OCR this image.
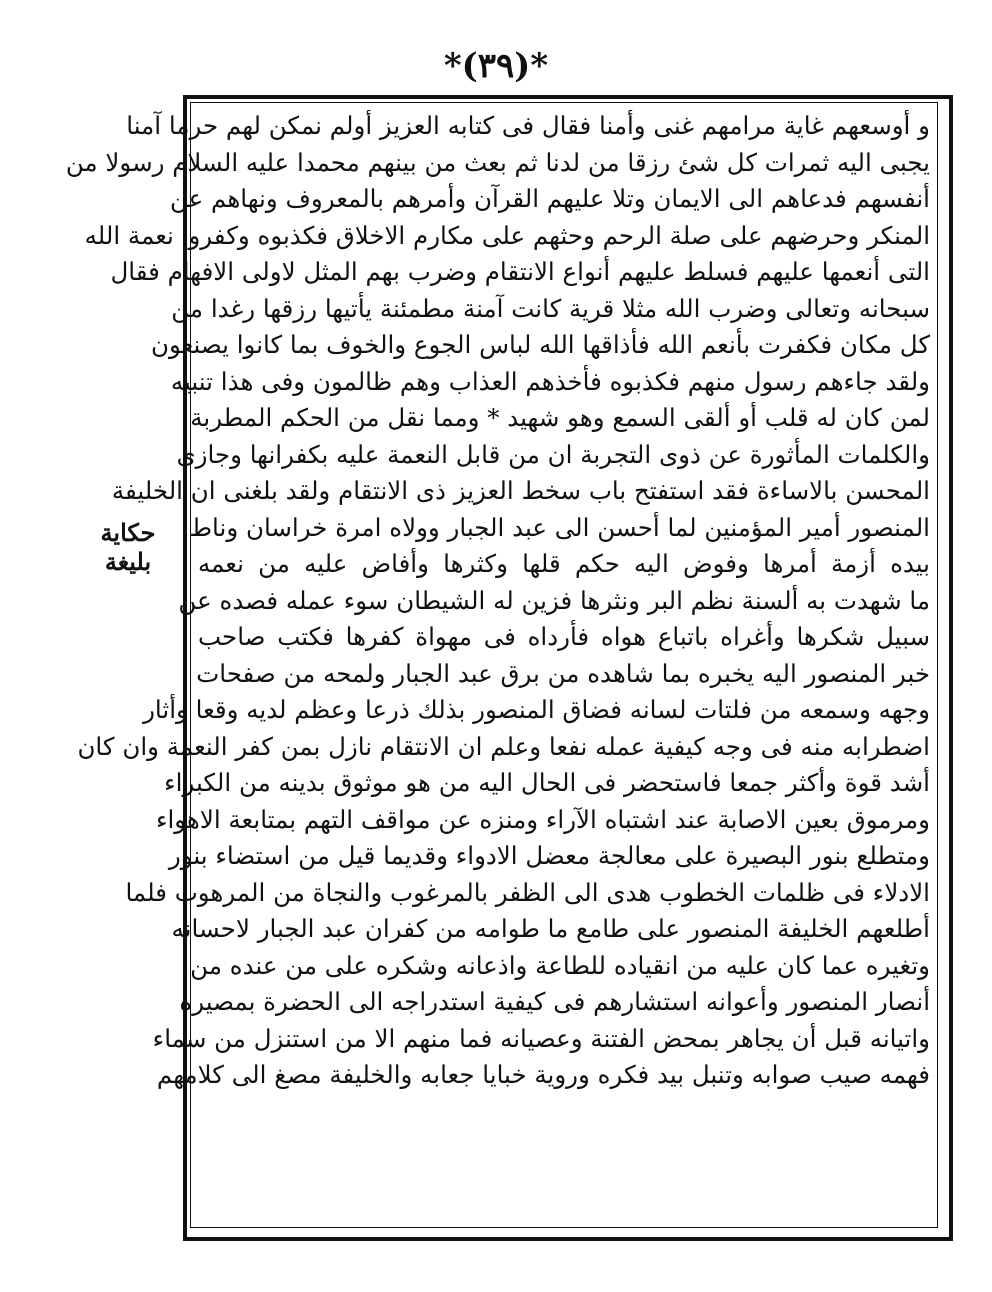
*(٣٩)*
حكاية بليغة
و أوسعهم غاية مرامهم غنى وأمنا فقال فى كتابه العزيز أولم نمكن لهم حرما آمنا
يجبى اليه ثمرات كل شئ رزقا من لدنا ثم بعث من بينهم محمدا عليه السلام رسولا من
أنفسهم فدعاهم الى الايمان وتلا عليهم القرآن وأمرهم بالمعروف ونهاهم عن
المنكر وحرضهم على صلة الرحم وحثهم على مكارم الاخلاق فكذبوه وكفروا نعمة الله
التى أنعمها عليهم فسلط عليهم أنواع الانتقام وضرب بهم المثل لاولى الافهام فقال
سبحانه وتعالى وضرب الله مثلا قرية كانت آمنة مطمئنة يأتيها رزقها رغدا من
كل مكان فكفرت بأنعم الله فأذاقها الله لباس الجوع والخوف بما كانوا يصنعون
ولقد جاءهم رسول منهم فكذبوه فأخذهم العذاب وهم ظالمون وفى هذا تنبيه
لمن كان له قلب أو ألقى السمع وهو شهيد * ومما نقل من الحكم المطربة
والكلمات المأثورة عن ذوى التجربة ان من قابل النعمة عليه بكفرانها وجازى
المحسن بالاساءة فقد استفتح باب سخط العزيز ذى الانتقام ولقد بلغنى ان الخليفة
المنصور أمير المؤمنين لما أحسن الى عبد الجبار وولاه امرة خراسان وناط
بيده أزمة أمرها وفوض اليه حكم قلها وكثرها وأفاض عليه من نعمه
ما شهدت به ألسنة نظم البر ونثرها فزين له الشيطان سوء عمله فصده عن
سبيل شكرها وأغراه باتباع هواه فأرداه فى مهواة كفرها فكتب صاحب
خبر المنصور اليه يخبره بما شاهده من برق عبد الجبار ولمحه من صفحات
وجهه وسمعه من فلتات لسانه فضاق المنصور بذلك ذرعا وعظم لديه وقعا وأثار
اضطرابه منه فى وجه كيفية عمله نفعا وعلم ان الانتقام نازل بمن كفر النعمة وان كان
أشد قوة وأكثر جمعا فاستحضر فى الحال اليه من هو موثوق بدينه من الكبراء
ومرموق بعين الاصابة عند اشتباه الآراء ومنزه عن مواقف التهم بمتابعة الاهواء
ومتطلع بنور البصيرة على معالجة معضل الادواء وقديما قيل من استضاء بنور
الادلاء فى ظلمات الخطوب هدى الى الظفر بالمرغوب والنجاة من المرهوب فلما
أطلعهم الخليفة المنصور على طامع ما طوامه من كفران عبد الجبار لاحسانه
وتغيره عما كان عليه من انقياده للطاعة واذعانه وشكره على من عنده من
أنصار المنصور وأعوانه استشارهم فى كيفية استدراجه الى الحضرة بمصيره
واتيانه قبل أن يجاهر بمحض الفتنة وعصيانه فما منهم الا من استنزل من سماء
فهمه صيب صوابه وتنبل بيد فكره وروية خبايا جعابه والخليفة مصغ الى كلامهم
